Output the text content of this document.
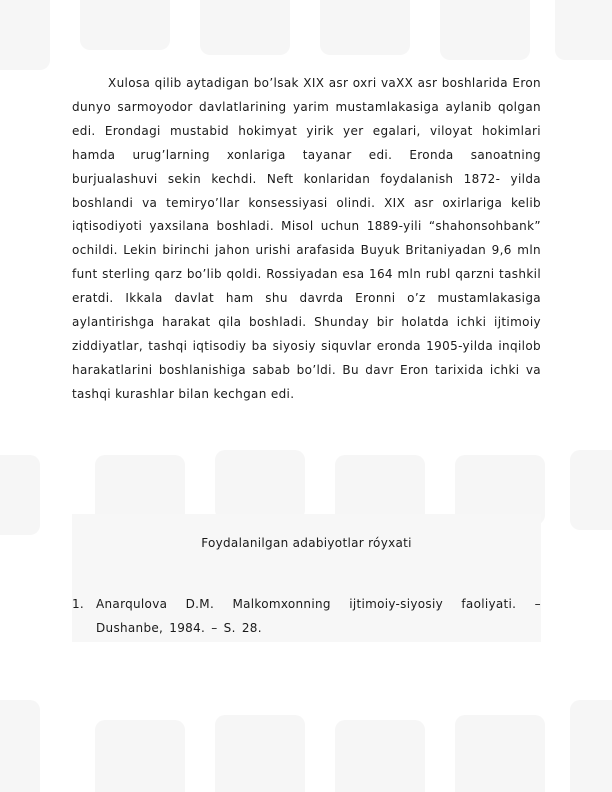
Xulosa qilib aytadigan bo’lsak XIX asr oxri vaXX asr boshlarida Eron dunyo sarmoyodor davlatlarining yarim mustamlakasiga aylanib qolgan edi. Erondagi mustabid hokimyat yirik yer egalari, viloyat hokimlari hamda urug’larning xonlariga tayanar edi. Eronda sanoatning burjualashuvi sekin kechdi. Neft konlaridan foydalanish 1872- yilda boshlandi va temiryo’llar konsessiyasi olindi. XIX asr oxirlariga kelib iqtisodiyoti yaxsilana boshladi. Misol uchun 1889-yili “shahonsohbank” ochildi. Lekin birinchi jahon urishi arafasida Buyuk Britaniyadan 9,6 mln funt sterling qarz bo’lib qoldi. Rossiyadan esa 164 mln rubl qarzni tashkil eratdi. Ikkala davlat ham shu davrda Eronni o’z mustamlakasiga aylantirishga harakat qila boshladi. Shunday bir holatda ichki ijtimoiy ziddiyatlar, tashqi iqtisodiy ba siyosiy siquvlar eronda 1905-yilda inqilob harakatlarini boshlanishiga sabab bo’ldi. Bu davr Eron tarixida ichki va tashqi kurashlar bilan kechgan edi.

Foydalanilgan adabiyotlar róyxati

1. Anarqulova D.M. Malkomxonning ijtimoiy-siyosiy faoliyati. – Dushanbe, 1984. – S. 28.
